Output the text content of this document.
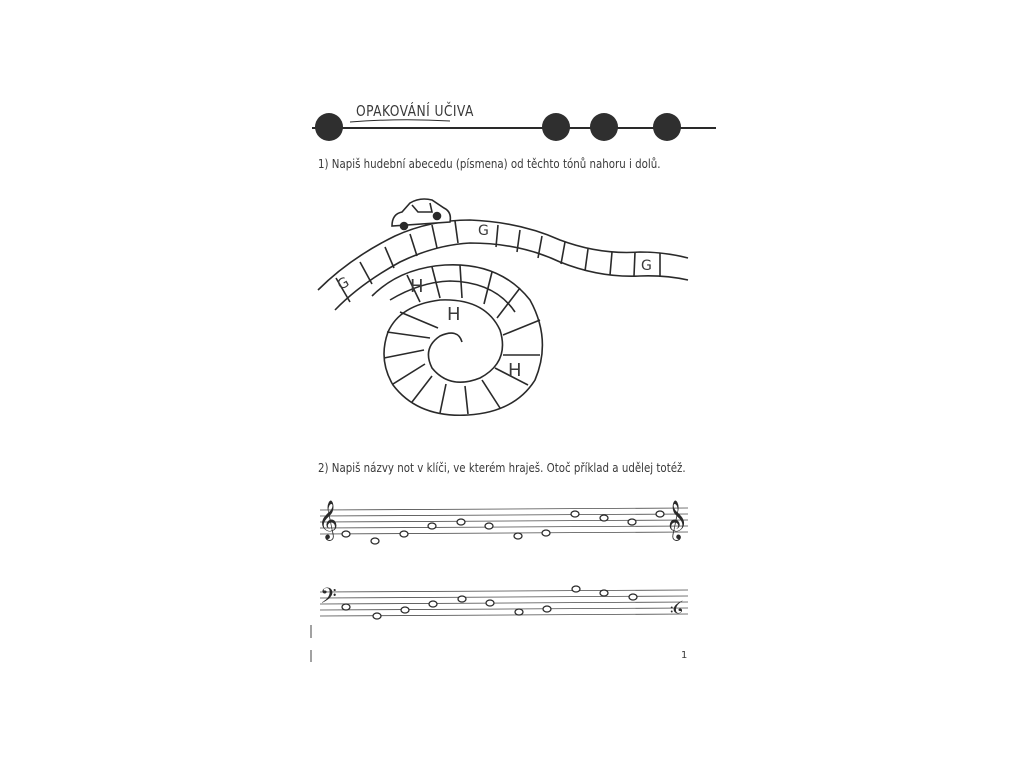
OPAKOVÁNÍ UČIVA
G
G
G
H
H
H
1) Napiš hudební abecedu (písmena) od těchto tónů nahoru i dolů.
2) Napiš názvy not v klíči, ve kterém hraješ. Otoč příklad a udělej totéž.
𝄞	𝄞
𝄢	𝄢
1
